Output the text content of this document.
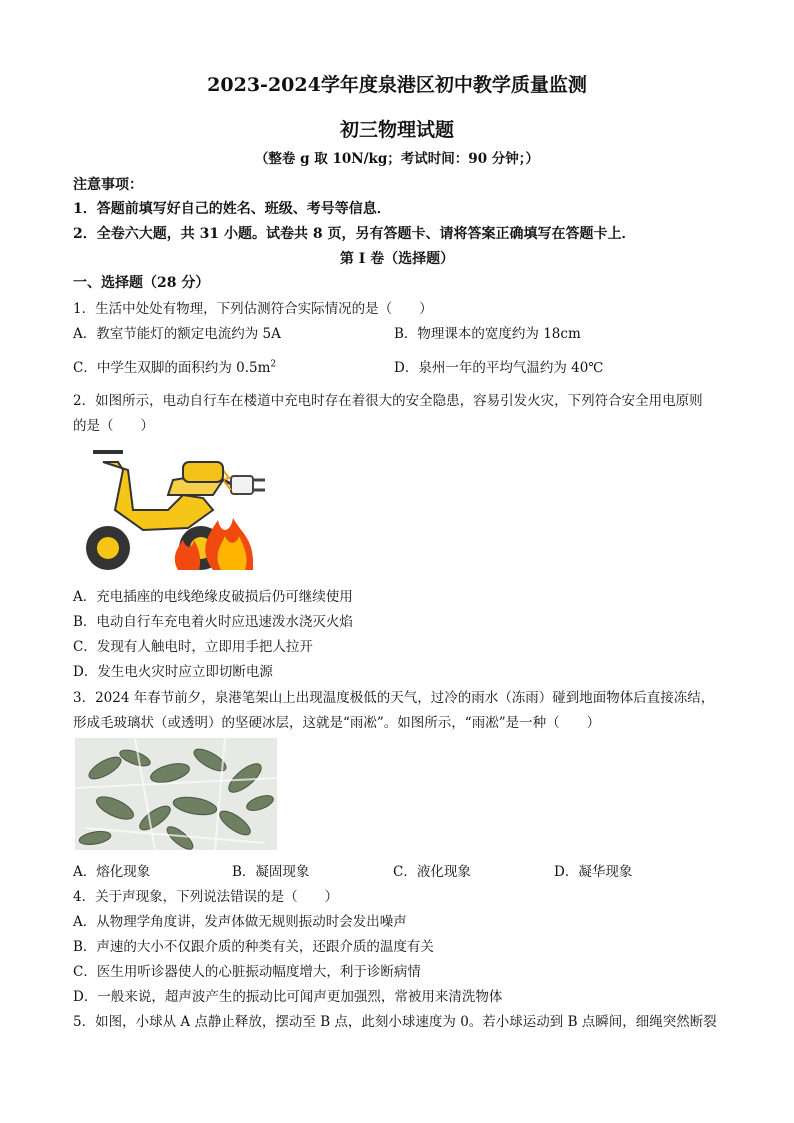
2023-2024学年度泉港区初中教学质量监测
初三物理试题
（整卷 g 取 10N/kg；考试时间：90 分钟；）
注意事项：
1．答题前填写好自己的姓名、班级、考号等信息．
2．全卷六大题，共 31 小题。试卷共 8 页，另有答题卡、请将答案正确填写在答题卡上．
第 I 卷（选择题）
一、选择题（28 分）
1．生活中处处有物理，下列估测符合实际情况的是（　　）
A．教室节能灯的额定电流约为 5A	B．物理课本的宽度约为 18cm
C．中学生双脚的面积约为 $0.5m^2$	D．泉州一年的平均气温约为 40℃
2．如图所示，电动自行车在楼道中充电时存在着很大的安全隐患，容易引发火灾，下列符合安全用电原则
的是（　　）
A．充电插座的电线绝缘皮破损后仍可继续使用
B．电动自行车充电着火时应迅速泼水浇灭火焰
C．发现有人触电时，立即用手把人拉开
D．发生电火灾时应立即切断电源
3．2024 年春节前夕，泉港笔架山上出现温度极低的天气，过冷的雨水（冻雨）碰到地面物体后直接冻结，
形成毛玻璃状（或透明）的坚硬冰层，这就是“雨凇”。如图所示，“雨凇”是一种（　　）
A．熔化现象	B．凝固现象	C．液化现象	D．凝华现象
4．关于声现象，下列说法错误的是（　　）
A．从物理学角度讲，发声体做无规则振动时会发出噪声
B．声速的大小不仅跟介质的种类有关，还跟介质的温度有关
C．医生用听诊器使人的心脏振动幅度增大，利于诊断病情
D．一般来说，超声波产生的振动比可闻声更加强烈，常被用来清洗物体
5．如图，小球从 A 点静止释放，摆动至 B 点，此刻小球速度为 0。若小球运动到 B 点瞬间，细绳突然断裂
